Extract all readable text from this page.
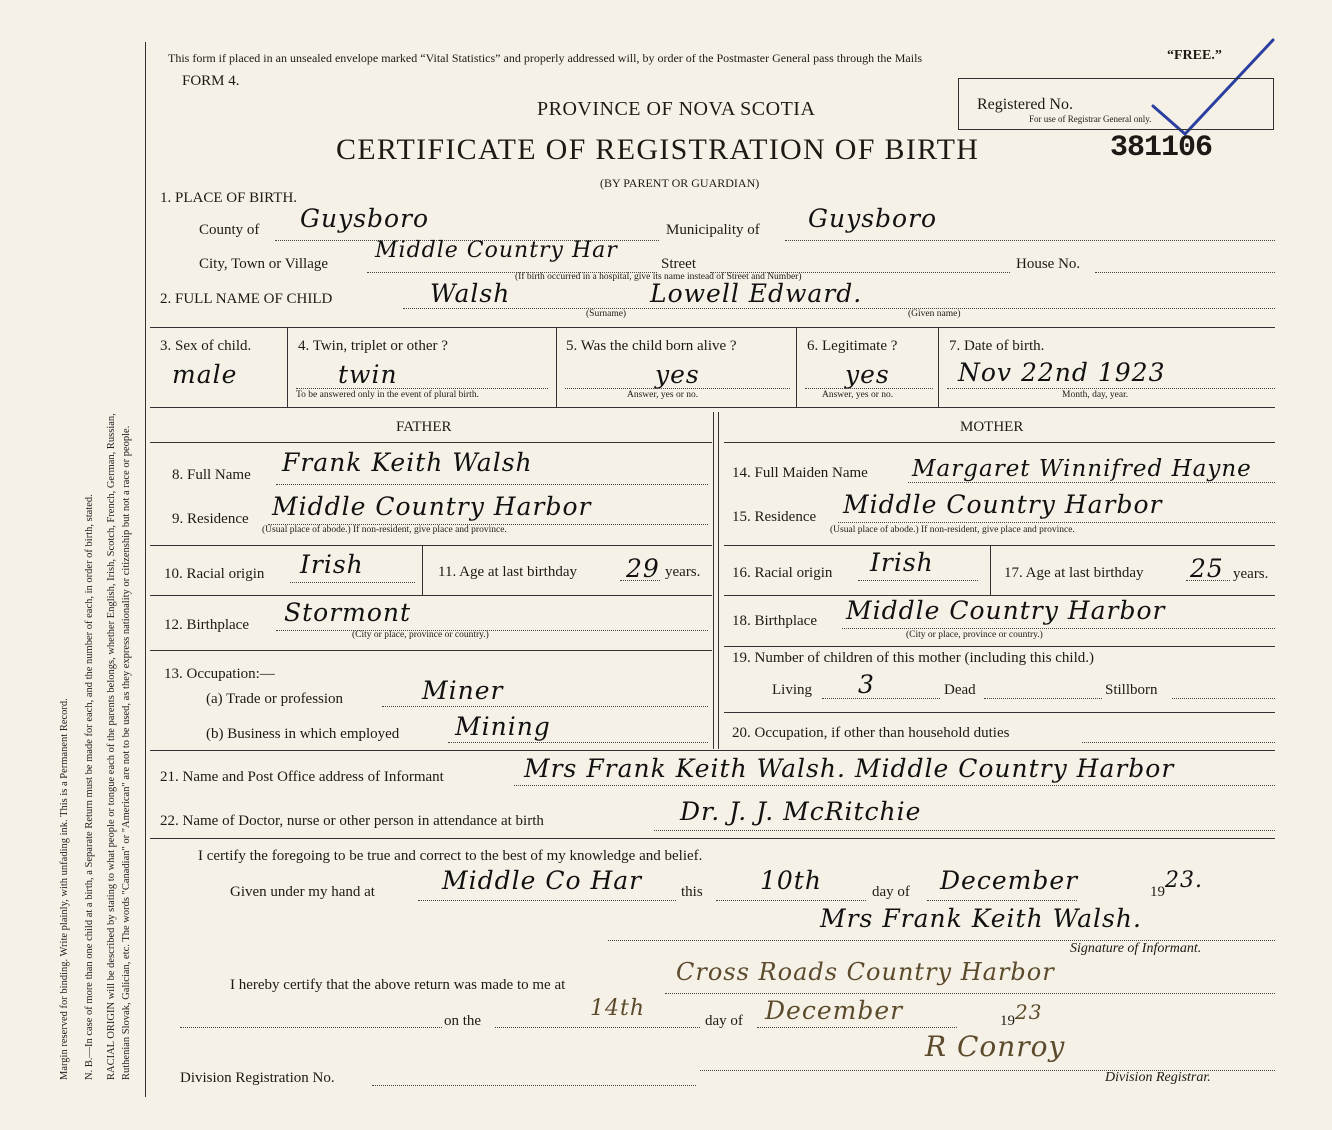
Margin reserved for binding. Write plainly, with unfading ink. This is a Permanent Record. N. B.—In case of more than one child at a birth, a Separate Return must be made for each, and the number of each, in order of birth, stated. RACIAL ORIGIN will be described by stating to what people or tongue each of the parents belongs, whether English, Irish, Scotch, French, German, Russian, Ruthenian Slovak, Galician, etc. The words "Canadian" or "American" are not to be used, as they express nationality or citizenship but not a race or people.
This form if placed in an unsealed envelope marked “Vital Statistics” and properly addressed will, by order of the Postmaster General pass through the Mails	“FREE.”
FORM 4.
PROVINCE OF NOVA SCOTIA	Registered No.
For use of Registrar General only.
CERTIFICATE OF REGISTRATION OF BIRTH	381106
(BY PARENT OR GUARDIAN)
1. PLACE OF BIRTH.
County of Guysboro	Municipality of Guysboro
City, Town or Village
Middle Country Har
Street
(If birth occurred in a hospital, give its name instead of Street and Number)
House No.
2. FULL NAME OF CHILD	Walsh	Lowell Edward.
(Surname)	(Given name)
3. Sex of child.
male
4. Twin, triplet or other ?
twin
To be answered only in the event of plural birth.
5. Was the child born alive ?
yes
Answer, yes or no.
6. Legitimate ?
yes
Answer, yes or no.
7. Date of birth.
Nov 22nd 1923
Month, day, year.
FATHER	MOTHER
8. Full Name Frank Keith Walsh
9. Residence Middle Country Harbor
(Usual place of abode.) If non-resident, give place and province.
10. Racial origin Irish	11. Age at last birthday 29 years.
12. Birthplace Stormont
(City or place, province or country.)
13. Occupation:—
(a) Trade or profession	Miner
(b) Business in which employed Mining
14. Full Maiden Name Margaret Winnifred Hayne
15. Residence Middle Country Harbor
(Usual place of abode.) If non-resident, give place and province.
16. Racial origin Irish	17. Age at last birthday 25 years.
18. Birthplace Middle Country Harbor
(City or place, province or country.)
19. Number of children of this mother (including this child.)
Living 3	Dead	Stillborn
20. Occupation, if other than household duties
21. Name and Post Office address of Informant	Mrs Frank Keith Walsh. Middle Country Harbor
22. Name of Doctor, nurse or other person in attendance at birth	Dr. J. J. McRitchie
I certify the foregoing to be true and correct to the best of my knowledge and belief.
Given under my hand at	Middle Co Har	this 10th	day of December	19 23.
Mrs Frank Keith Walsh.
Signature of Informant.
I hereby certify that the above return was made to me at	Cross Roads Country Harbor
on the	14th	day of December	19 23
R Conroy
Division Registration No.	Division Registrar.
